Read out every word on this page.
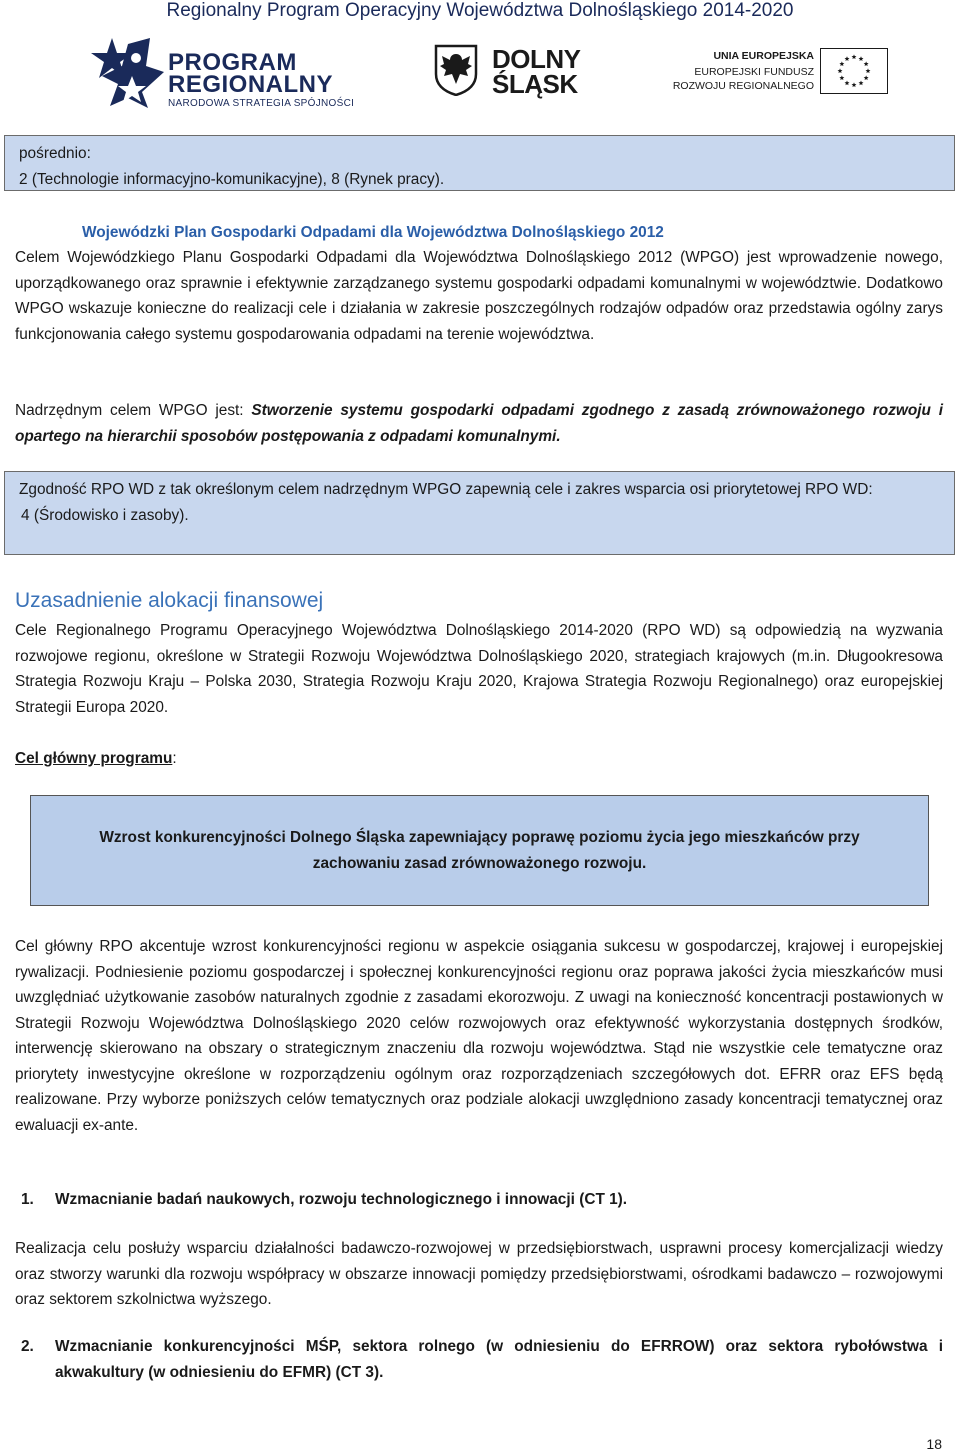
Regionalny Program Operacyjny Województwa Dolnośląskiego 2014-2020
PROGRAM
REGIONALNY
NARODOWA STRATEGIA SPÓJNOŚCI
DOLNY
ŚLĄSK
UNIA EUROPEJSKA
EUROPEJSKI FUNDUSZ
ROZWOJU REGIONALNEGO
pośrednio:
2 (Technologie informacyjno-komunikacyjne), 8 (Rynek pracy).
Wojewódzki Plan Gospodarki Odpadami dla Województwa Dolnośląskiego 2012

Celem Wojewódzkiego Planu Gospodarki Odpadami dla Województwa Dolnośląskiego 2012 (WPGO) jest wprowadzenie nowego, uporządkowanego oraz sprawnie i efektywnie zarządzanego systemu gospodarki odpadami komunalnymi w województwie. Dodatkowo WPGO wskazuje konieczne do realizacji cele i działania w zakresie poszczególnych rodzajów odpadów oraz przedstawia ogólny zarys funkcjonowania całego systemu gospodarowania odpadami na terenie województwa.

Nadrzędnym celem WPGO jest: Stworzenie systemu gospodarki odpadami zgodnego z zasadą zrównoważonego rozwoju i opartego na hierarchii sposobów postępowania z odpadami komunalnymi.

Zgodność RPO WD z tak określonym celem nadrzędnym WPGO zapewnią cele i zakres wsparcia osi priorytetowej RPO WD:
4 (Środowisko i zasoby).
Uzasadnienie alokacji finansowej

Cele Regionalnego Programu Operacyjnego Województwa Dolnośląskiego 2014-2020 (RPO WD) są odpowiedzią na wyzwania rozwojowe regionu, określone w Strategii Rozwoju Województwa Dolnośląskiego 2020, strategiach krajowych (m.in. Długookresowa Strategia Rozwoju Kraju – Polska 2030, Strategia Rozwoju Kraju 2020, Krajowa Strategia Rozwoju Regionalnego) oraz europejskiej Strategii Europa 2020.

Cel główny programu:
Wzrost konkurencyjności Dolnego Śląska zapewniający poprawę poziomu życia jego mieszkańców przy zachowaniu zasad zrównoważonego rozwoju.

Cel główny RPO akcentuje wzrost konkurencyjności regionu w aspekcie osiągania sukcesu w gospodarczej, krajowej i europejskiej rywalizacji. Podniesienie poziomu gospodarczej i społecznej konkurencyjności regionu oraz poprawa jakości życia mieszkańców musi uwzględniać użytkowanie zasobów naturalnych zgodnie z zasadami ekorozwoju. Z uwagi na konieczność koncentracji postawionych w Strategii Rozwoju Województwa Dolnośląskiego 2020 celów rozwojowych oraz efektywność wykorzystania dostępnych środków, interwencję skierowano na obszary o strategicznym znaczeniu dla rozwoju województwa. Stąd nie wszystkie cele tematyczne oraz priorytety inwestycyjne określone w rozporządzeniu ogólnym oraz rozporządzeniach szczegółowych dot. EFRR oraz EFS będą realizowane. Przy wyborze poniższych celów tematycznych oraz podziale alokacji uwzględniono zasady koncentracji tematycznej oraz ewaluacji ex-ante.

1. Wzmacnianie badań naukowych, rozwoju technologicznego i innowacji (CT 1).

Realizacja celu posłuży wsparciu działalności badawczo-rozwojowej w przedsiębiorstwach, usprawni procesy komercjalizacji wiedzy oraz stworzy warunki dla rozwoju współpracy w obszarze innowacji pomiędzy przedsiębiorstwami, ośrodkami badawczo – rozwojowymi oraz sektorem szkolnictwa wyższego.

2. Wzmacnianie konkurencyjności MŚP, sektora rolnego (w odniesieniu do EFRROW) oraz sektora rybołówstwa i akwakultury (w odniesieniu do EFMR) (CT 3).
18
